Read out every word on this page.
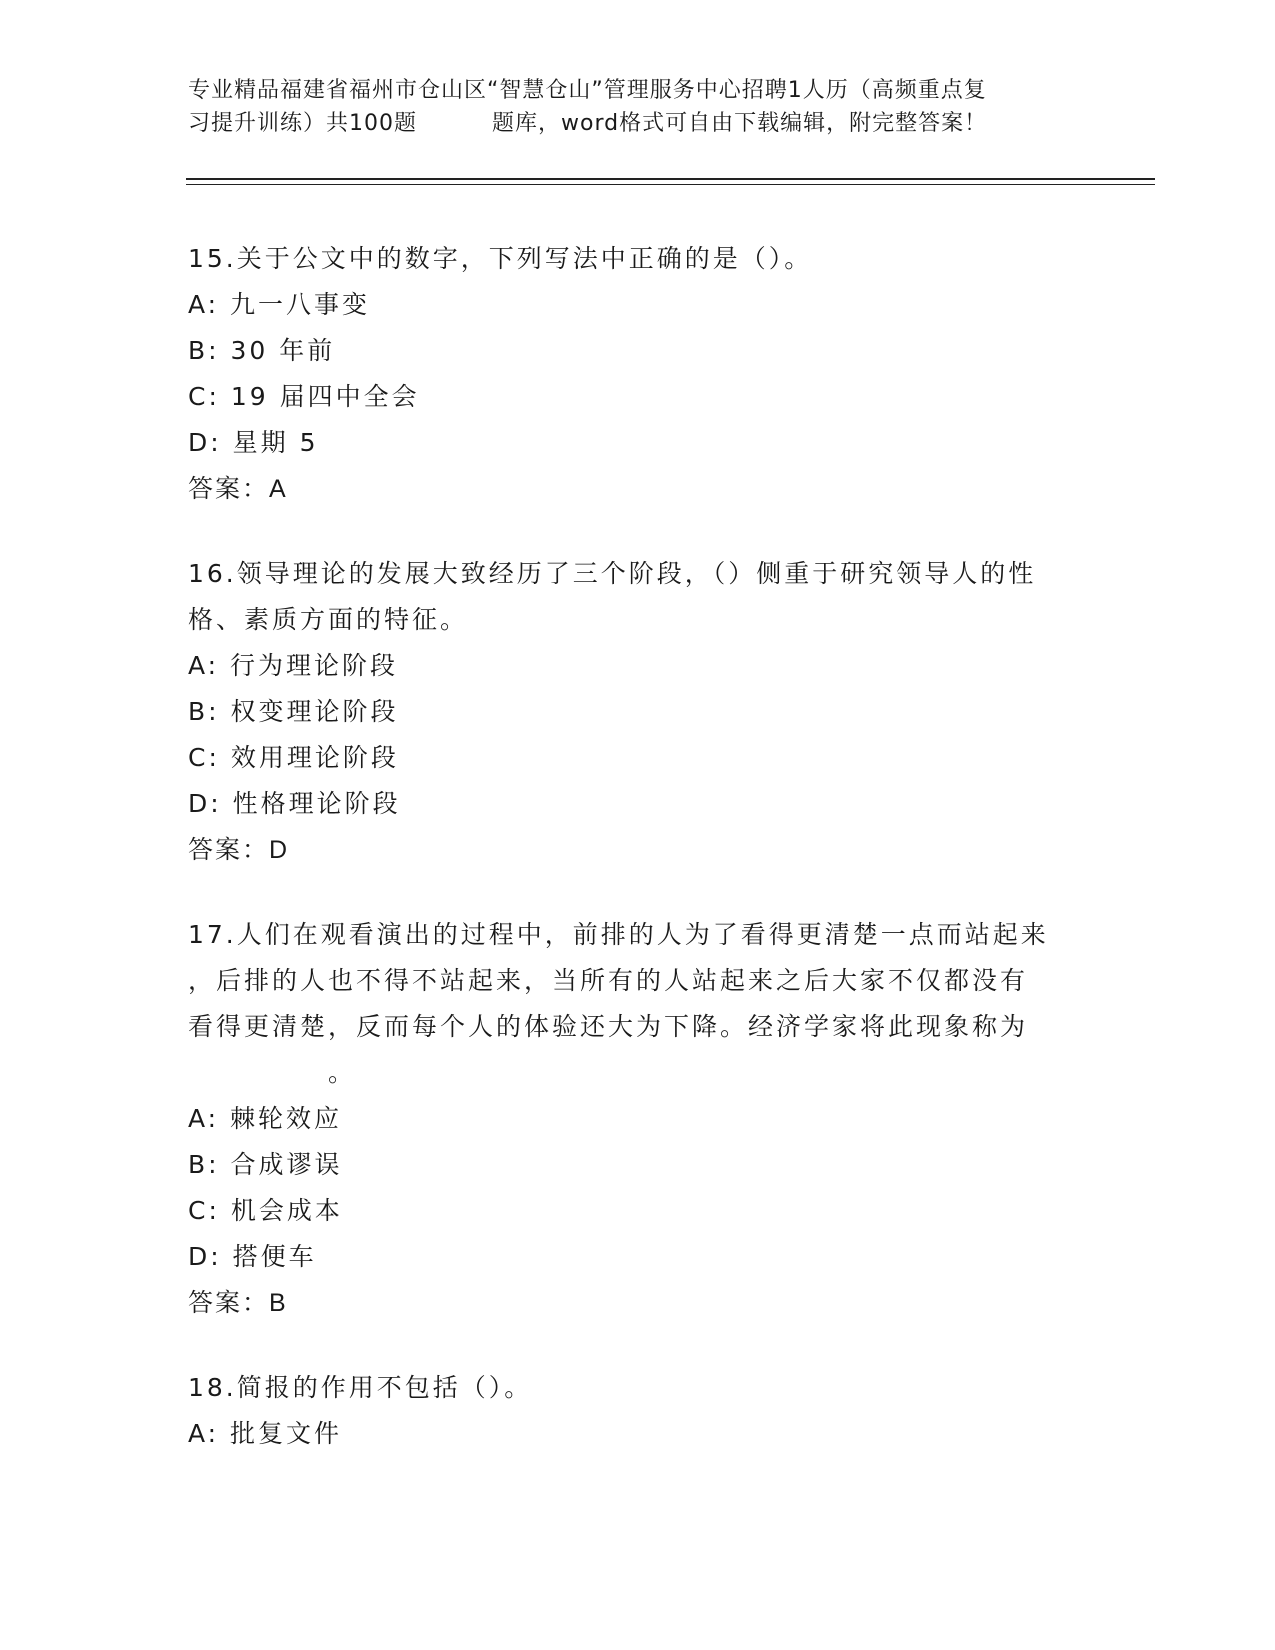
专业精品福建省福州市仓山区“智慧仓山”管理服务中心招聘1人历（高频重点复
习提升训练）共100题	题库，word格式可自由下载编辑，附完整答案！
15.关于公文中的数字，下列写法中正确的是（）。
A: 九一八事变
B: 30 年前
C: 19 届四中全会
D: 星期 5
答案：A
16.领导理论的发展大致经历了三个阶段，（）侧重于研究领导人的性
格、素质方面的特征。
A: 行为理论阶段
B: 权变理论阶段
C: 效用理论阶段
D: 性格理论阶段
答案：D
17.人们在观看演出的过程中，前排的人为了看得更清楚一点而站起来
，后排的人也不得不站起来，当所有的人站起来之后大家不仅都没有
看得更清楚，反而每个人的体验还大为下降。经济学家将此现象称为
。
A: 棘轮效应
B: 合成谬误
C: 机会成本
D: 搭便车
答案：B
18.简报的作用不包括（）。
A: 批复文件
